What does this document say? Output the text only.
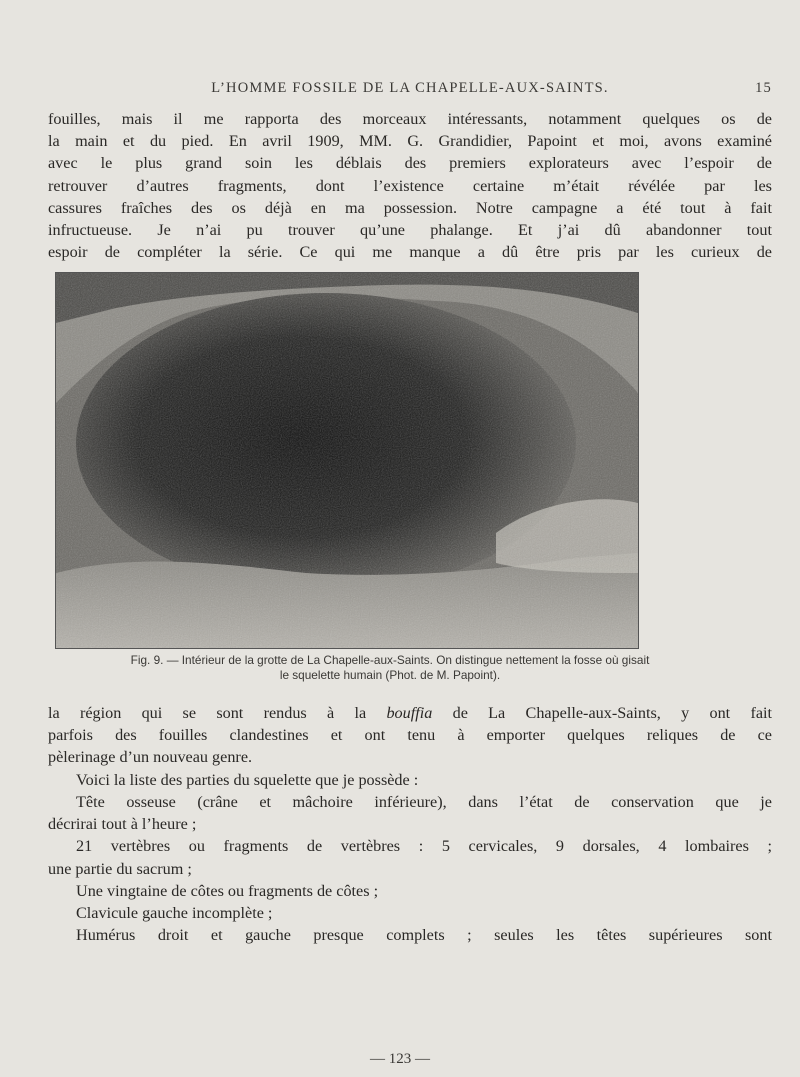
L’HOMME FOSSILE DE LA CHAPELLE-AUX-SAINTS.	15
fouilles, mais il me rapporta des morceaux intéressants, notamment quelques os de
la main et du pied. En avril 1909, MM. G. Grandidier, Papoint et moi, avons examiné
avec le plus grand soin les déblais des premiers explorateurs avec l’espoir de
retrouver d’autres fragments, dont l’existence certaine m’était révélée par les
cassures fraîches des os déjà en ma possession. Notre campagne a été tout à fait
infructueuse. Je n’ai pu trouver qu’une phalange. Et j’ai dû abandonner tout
espoir de compléter la série. Ce qui me manque a dû être pris par les curieux de
Fig. 9. — Intérieur de la grotte de La Chapelle-aux-Saints. On distingue nettement la fosse où gisait
le squelette humain (Phot. de M. Papoint).
la région qui se sont rendus à la bouffia de La Chapelle-aux-Saints, y ont fait
parfois des fouilles clandestines et ont tenu à emporter quelques reliques de ce
pèlerinage d’un nouveau genre.
Voici la liste des parties du squelette que je possède :
Tête osseuse (crâne et mâchoire inférieure), dans l’état de conservation que je
décrirai tout à l’heure ;
21 vertèbres ou fragments de vertèbres : 5 cervicales, 9 dorsales, 4 lombaires ;
une partie du sacrum ;
Une vingtaine de côtes ou fragments de côtes ;
Clavicule gauche incomplète ;
Humérus droit et gauche presque complets ; seules les têtes supérieures sont
— 123 —
